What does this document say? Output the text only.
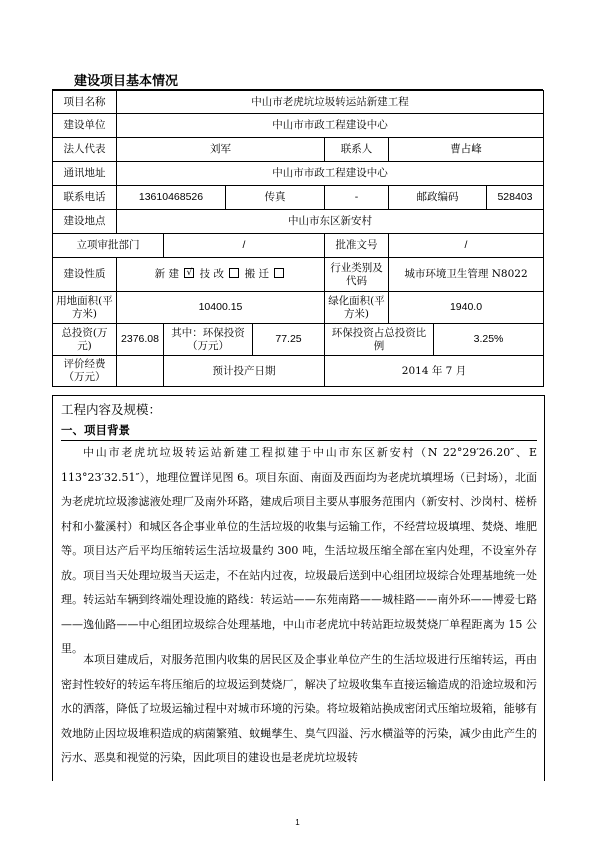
建设项目基本情况
项目名称	中山市老虎坑垃圾转运站新建工程							
建设单位	中山市市政工程建设中心							
法人代表	刘军				联系人	曹占峰		
通讯地址	中山市市政工程建设中心							
联系电话	13610468526		传真		-	邮政编码		528403
建设地点	中山市东区新安村							
立项审批部门		/			批准文号	/		
建设性质	新 建 √ 技 改 搬 迁				行业类别及代码	城市环境卫生管理 N8022		
用地面积(平方米)	10400.15				绿化面积(平方米)	1940.0		
总投资(万元)	2376.08	其中：环保投资（万元）		77.25	环保投资占总投资比例		3.25%	
评价经费（万元）		预计投产日期			2014 年 7 月			
工程内容及规模：
一、项目背景

中山市老虎坑垃圾转运站新建工程拟建于中山市东区新安村（N 22°29′26.20″、E 113°23′32.51″），地理位置详见图 6。项目东面、南面及西面均为老虎坑填埋场（已封场），北面为老虎坑垃圾渗滤液处理厂及南外环路，建成后项目主要从事服务范围内（新安村、沙岗村、槎桥村和小鳌溪村）和城区各企事业单位的生活垃圾的收集与运输工作，不经营垃圾填埋、焚烧、堆肥等。项目达产后平均压缩转运生活垃圾量约 300 吨，生活垃圾压缩全部在室内处理，不设室外存放。项目当天处理垃圾当天运走，不在站内过夜，垃圾最后送到中心组团垃圾综合处理基地统一处理。转运站车辆到终端处理设施的路线：转运站——东苑南路——城桂路——南外环——博爱七路——逸仙路——中心组团垃圾综合处理基地，中山市老虎坑中转站距垃圾焚烧厂单程距离为 15 公里。

本项目建成后，对服务范围内收集的居民区及企事业单位产生的生活垃圾进行压缩转运，再由密封性较好的转运车将压缩后的垃圾运到焚烧厂，解决了垃圾收集车直接运输造成的沿途垃圾和污水的洒落，降低了垃圾运输过程中对城市环境的污染。将垃圾箱站换成密闭式压缩垃圾箱，能够有效地防止因垃圾堆积造成的病菌繁殖、蚊蝇孳生、臭气四溢、污水横溢等的污染，减少由此产生的污水、恶臭和视觉的污染，因此项目的建设也是老虎坑垃圾转

1
